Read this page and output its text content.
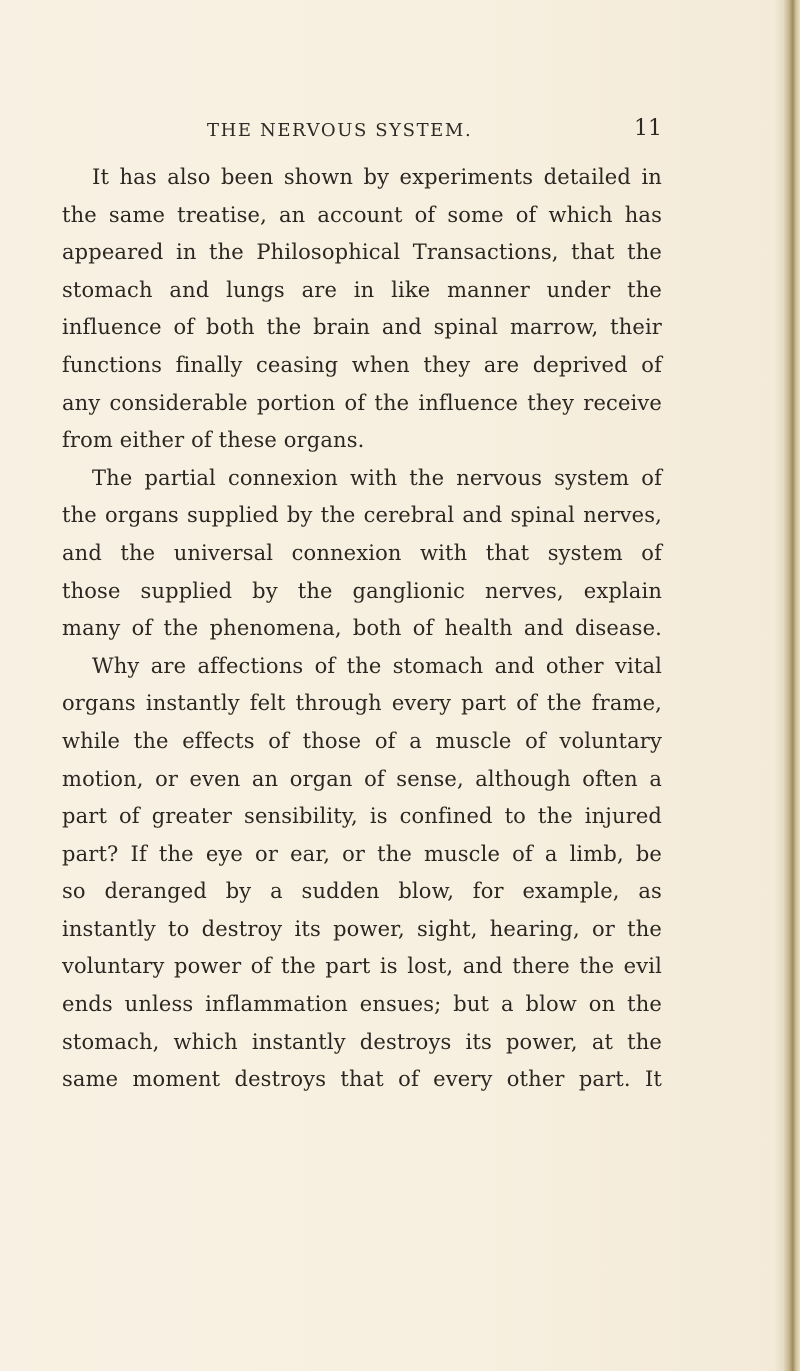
THE NERVOUS SYSTEM.	11
It has also been shown by experiments detailed in
the same treatise, an account of some of which has
appeared in the Philosophical Transactions, that the
stomach and lungs are in like manner under the
influence of both the brain and spinal marrow, their
functions finally ceasing when they are deprived of
any considerable portion of the influence they receive
from either of these organs.
The partial connexion with the nervous system of
the organs supplied by the cerebral and spinal nerves,
and the universal connexion with that system of
those supplied by the ganglionic nerves, explain
many of the phenomena, both of health and disease.
Why are affections of the stomach and other vital
organs instantly felt through every part of the frame,
while the effects of those of a muscle of voluntary
motion, or even an organ of sense, although often a
part of greater sensibility, is confined to the injured
part? If the eye or ear, or the muscle of a limb, be
so deranged by a sudden blow, for example, as
instantly to destroy its power, sight, hearing, or the
voluntary power of the part is lost, and there the evil
ends unless inflammation ensues; but a blow on the
stomach, which instantly destroys its power, at the
same moment destroys that of every other part. It
